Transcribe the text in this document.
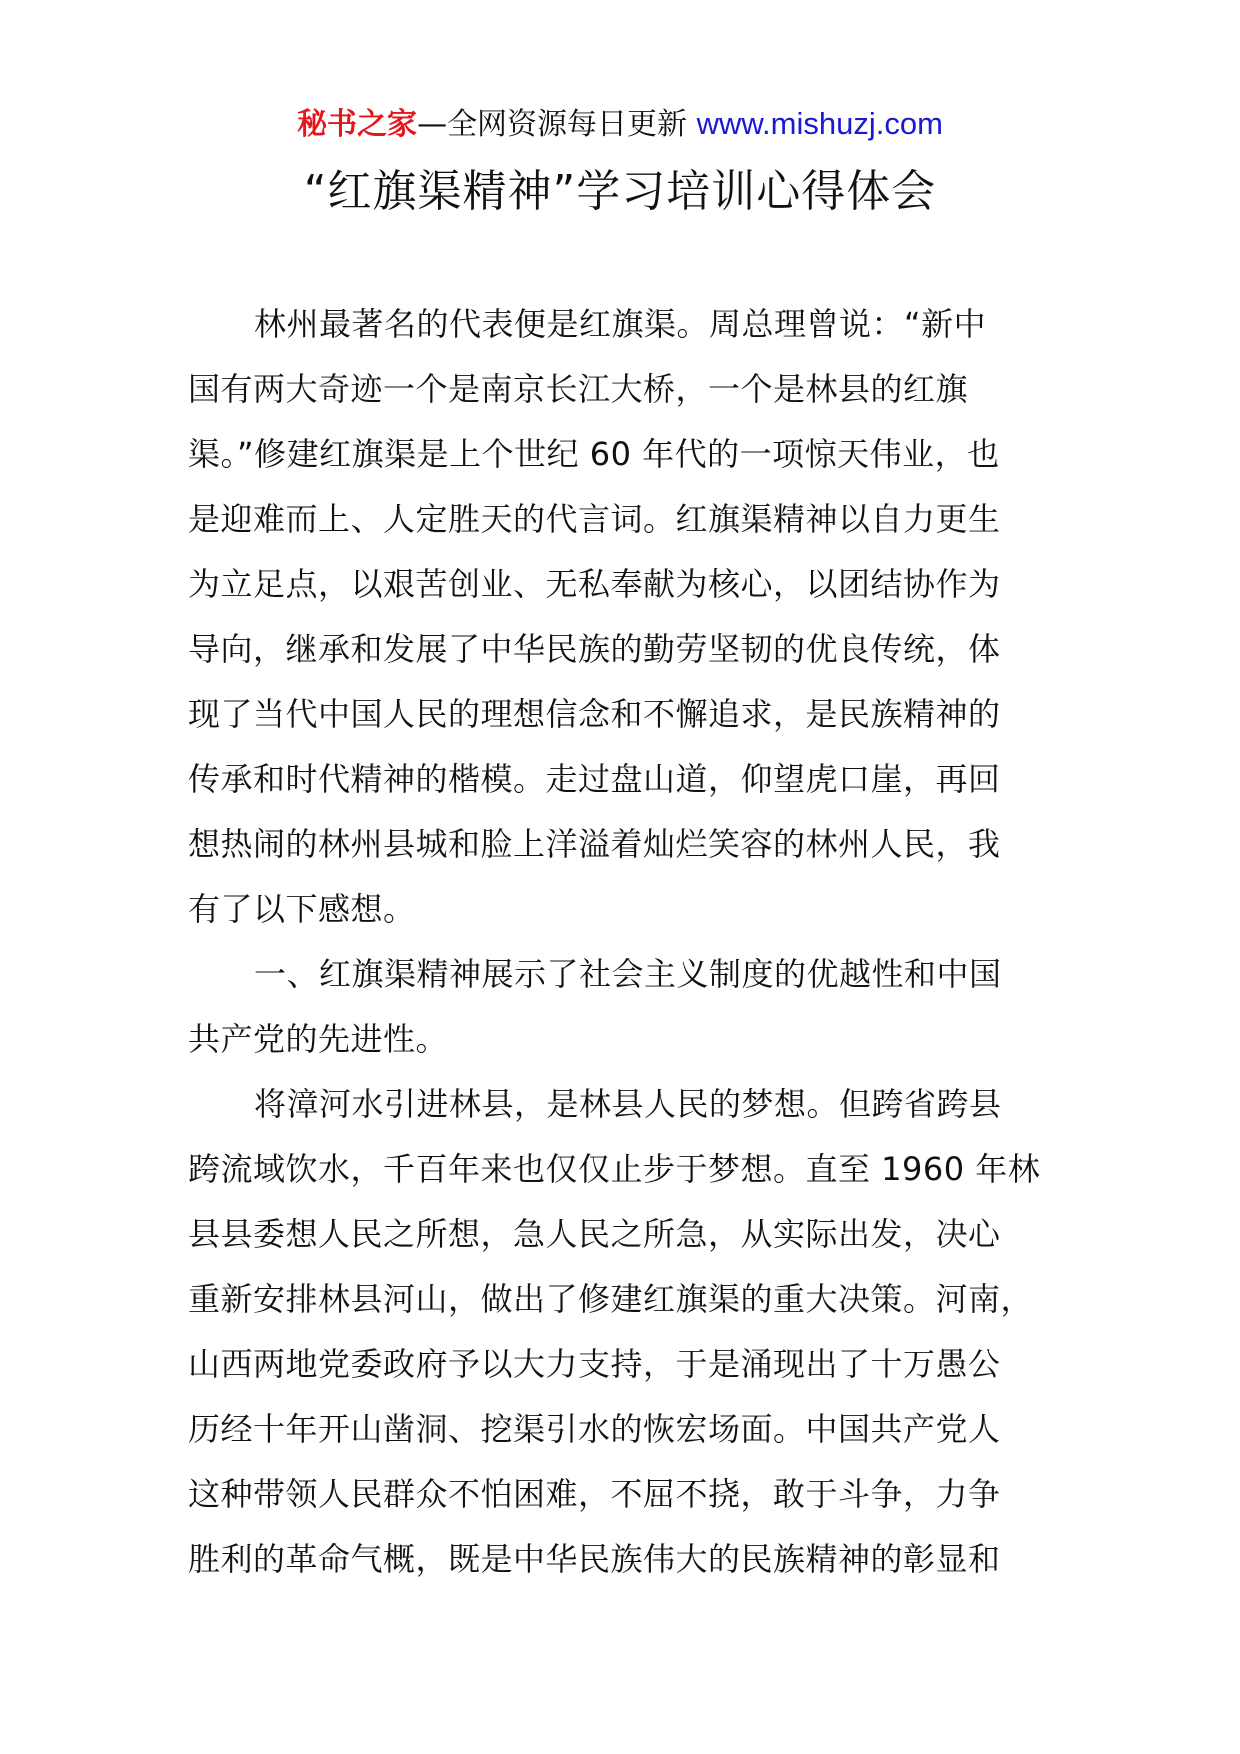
秘书之家—全网资源每日更新 www.mishuzj.com
“红旗渠精神”学习培训心得体会
林州最著名的代表便是红旗渠。周总理曾说：“新中
国有两大奇迹一个是南京长江大桥，一个是林县的红旗
渠。”修建红旗渠是上个世纪 60 年代的一项惊天伟业，也
是迎难而上、人定胜天的代言词。红旗渠精神以自力更生
为立足点，以艰苦创业、无私奉献为核心，以团结协作为
导向，继承和发展了中华民族的勤劳坚韧的优良传统，体
现了当代中国人民的理想信念和不懈追求，是民族精神的
传承和时代精神的楷模。走过盘山道，仰望虎口崖，再回
想热闹的林州县城和脸上洋溢着灿烂笑容的林州人民，我
有了以下感想。
一、红旗渠精神展示了社会主义制度的优越性和中国
共产党的先进性。
将漳河水引进林县，是林县人民的梦想。但跨省跨县
跨流域饮水，千百年来也仅仅止步于梦想。直至 1960 年林
县县委想人民之所想，急人民之所急，从实际出发，决心
重新安排林县河山，做出了修建红旗渠的重大决策。河南，
山西两地党委政府予以大力支持，于是涌现出了十万愚公
历经十年开山凿洞、挖渠引水的恢宏场面。中国共产党人
这种带领人民群众不怕困难，不屈不挠，敢于斗争，力争
胜利的革命气概，既是中华民族伟大的民族精神的彰显和
